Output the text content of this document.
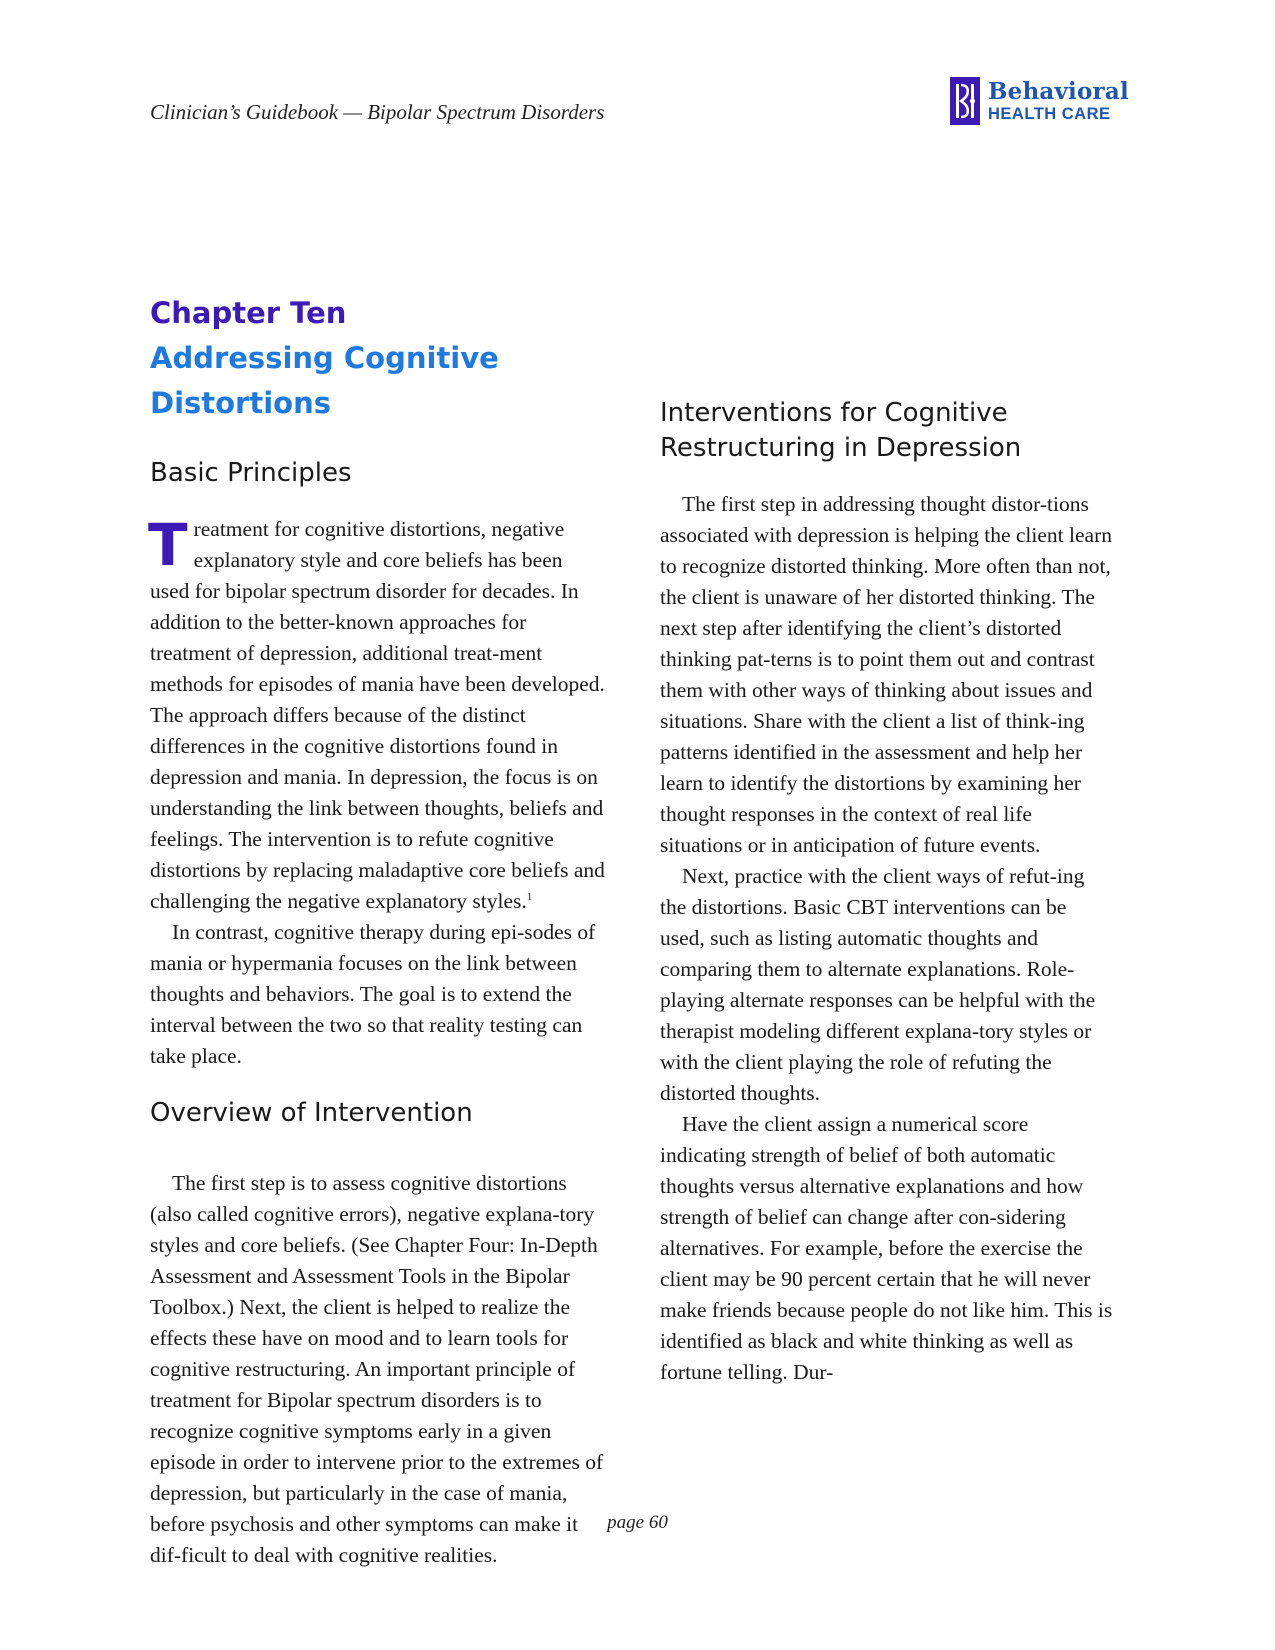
Clinician’s Guidebook — Bipolar Spectrum Disorders
Behavioral
HEALTH CARE
Chapter Ten
Addressing Cognitive
Distortions
Basic Principles

Treatment for cognitive distortions, negative explanatory style and core beliefs has been used for bipolar spectrum disorder for decades. In addition to the better-known approaches for treatment of depression, additional treat-ment methods for episodes of mania have been developed. The approach differs because of the distinct differences in the cognitive distortions found in depression and mania. In depression, the focus is on understanding the link between thoughts, beliefs and feelings. The intervention is to refute cognitive distortions by replacing maladaptive core beliefs and challenging the negative explanatory styles.$^1$

In contrast, cognitive therapy during epi-sodes of mania or hypermania focuses on the link between thoughts and behaviors. The goal is to extend the interval between the two so that reality testing can take place.

Overview of Intervention

The first step is to assess cognitive distortions (also called cognitive errors), negative explana-tory styles and core beliefs. (See Chapter Four: In-Depth Assessment and Assessment Tools in the Bipolar Toolbox.) Next, the client is helped to realize the effects these have on mood and to learn tools for cognitive restructuring. An important principle of treatment for Bipolar spectrum disorders is to recognize cognitive symptoms early in a given episode in order to intervene prior to the extremes of depression, but particularly in the case of mania, before psychosis and other symptoms can make it dif-ficult to deal with cognitive realities.

Interventions for Cognitive
Restructuring in Depression

The first step in addressing thought distor-tions associated with depression is helping the client learn to recognize distorted thinking. More often than not, the client is unaware of her distorted thinking. The next step after identifying the client’s distorted thinking pat-terns is to point them out and contrast them with other ways of thinking about issues and situations. Share with the client a list of think-ing patterns identified in the assessment and help her learn to identify the distortions by examining her thought responses in the context of real life situations or in anticipation of future events.

Next, practice with the client ways of refut-ing the distortions. Basic CBT interventions can be used, such as listing automatic thoughts and comparing them to alternate explanations. Role-playing alternate responses can be helpful with the therapist modeling different explana-tory styles or with the client playing the role of refuting the distorted thoughts.

Have the client assign a numerical score indicating strength of belief of both automatic thoughts versus alternative explanations and how strength of belief can change after con-sidering alternatives. For example, before the exercise the client may be 90 percent certain that he will never make friends because people do not like him. This is identified as black and white thinking as well as fortune telling. Dur-

page 60
